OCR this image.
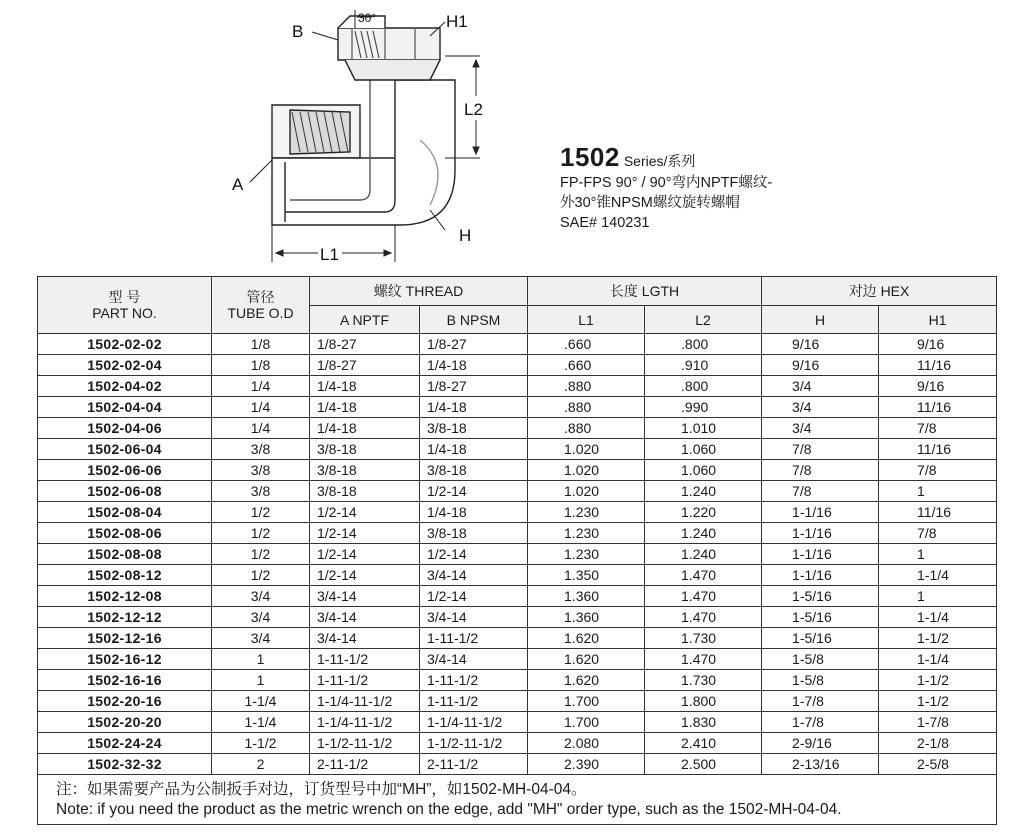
B
H1
30°
L2
A
H
L1
1502 Series/系列
FP-FPS 90° / 90°弯内NPTF螺纹-
外30°锥NPSM螺纹旋转螺帽
SAE# 140231
型 号
PART NO.	管径
TUBE O.D	螺纹 THREAD		长度 LGTH		对边 HEX	
		A NPTF	B NPSM	L1	L2	H	H1
1502-02-02	1/8	1/8-27	1/8-27	.660	.800	9/16	9/16
1502-02-04	1/8	1/8-27	1/4-18	.660	.910	9/16	11/16
1502-04-02	1/4	1/4-18	1/8-27	.880	.800	3/4	9/16
1502-04-04	1/4	1/4-18	1/4-18	.880	.990	3/4	11/16
1502-04-06	1/4	1/4-18	3/8-18	.880	1.010	3/4	7/8
1502-06-04	3/8	3/8-18	1/4-18	1.020	1.060	7/8	11/16
1502-06-06	3/8	3/8-18	3/8-18	1.020	1.060	7/8	7/8
1502-06-08	3/8	3/8-18	1/2-14	1.020	1.240	7/8	1
1502-08-04	1/2	1/2-14	1/4-18	1.230	1.220	1-1/16	11/16
1502-08-06	1/2	1/2-14	3/8-18	1.230	1.240	1-1/16	7/8
1502-08-08	1/2	1/2-14	1/2-14	1.230	1.240	1-1/16	1
1502-08-12	1/2	1/2-14	3/4-14	1.350	1.470	1-1/16	1-1/4
1502-12-08	3/4	3/4-14	1/2-14	1.360	1.470	1-5/16	1
1502-12-12	3/4	3/4-14	3/4-14	1.360	1.470	1-5/16	1-1/4
1502-12-16	3/4	3/4-14	1-11-1/2	1.620	1.730	1-5/16	1-1/2
1502-16-12	1	1-11-1/2	3/4-14	1.620	1.470	1-5/8	1-1/4
1502-16-16	1	1-11-1/2	1-11-1/2	1.620	1.730	1-5/8	1-1/2
1502-20-16	1-1/4	1-1/4-11-1/2	1-11-1/2	1.700	1.800	1-7/8	1-1/2
1502-20-20	1-1/4	1-1/4-11-1/2	1-1/4-11-1/2	1.700	1.830	1-7/8	1-7/8
1502-24-24	1-1/2	1-1/2-11-1/2	1-1/2-11-1/2	2.080	2.410	2-9/16	2-1/8
1502-32-32	2	2-11-1/2	2-11-1/2	2.390	2.500	2-13/16	2-5/8

注：如果需要产品为公制扳手对边，订货型号中加“MH”，如1502-MH-04-04。
Note: if you need the product as the metric wrench on the edge, add "MH" order type, such as the 1502-MH-04-04.							
